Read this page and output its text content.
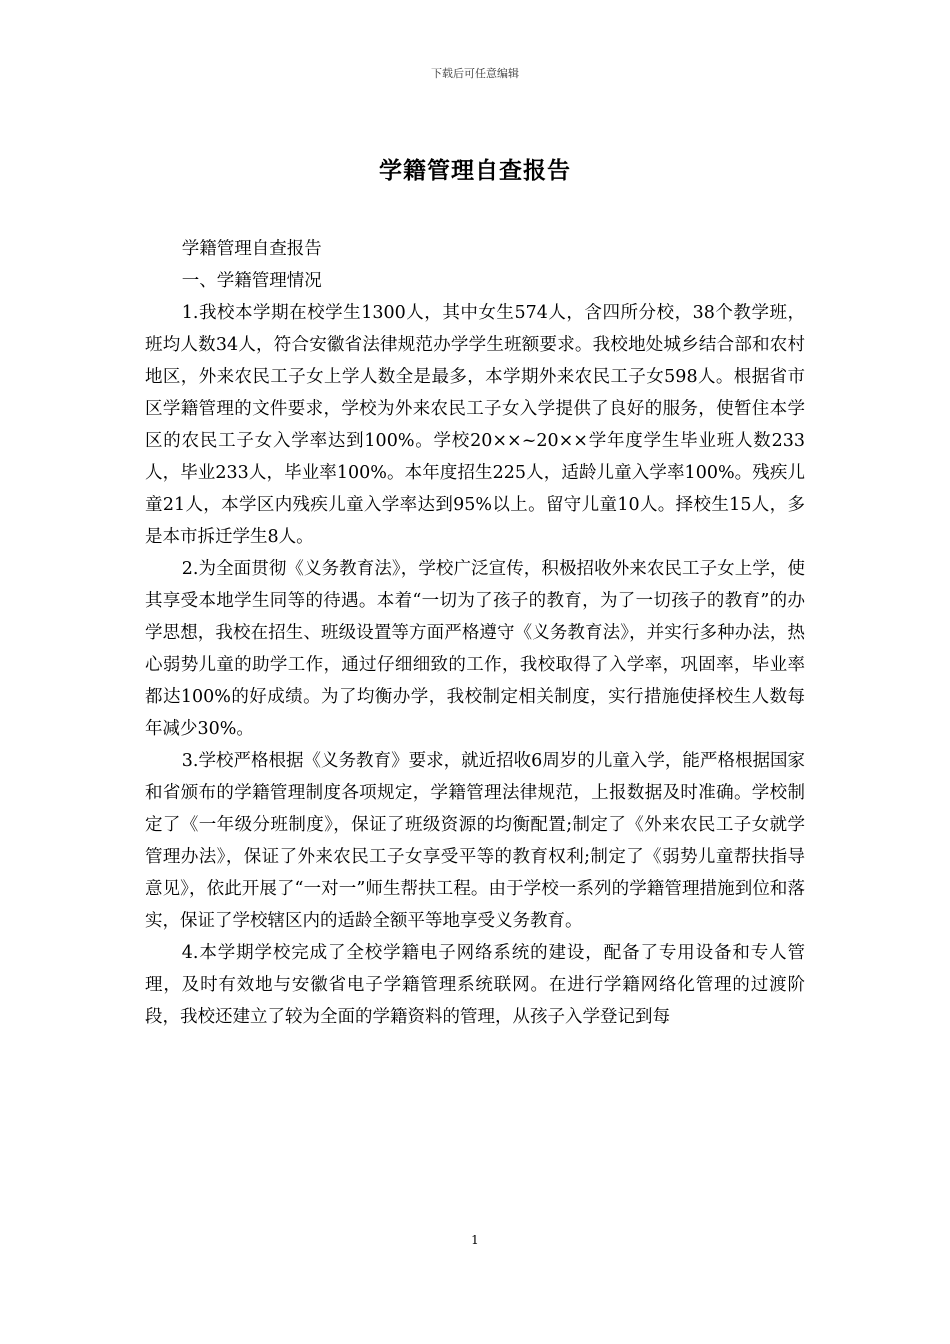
下载后可任意编辑
学籍管理自查报告

学籍管理自查报告

一、学籍管理情况

1.我校本学期在校学生1300人，其中女生574人，含四所分校，38个教学班，班均人数34人，符合安徽省法律规范办学学生班额要求。我校地处城乡结合部和农村地区，外来农民工子女上学人数全是最多，本学期外来农民工子女598人。根据省市区学籍管理的文件要求，学校为外来农民工子女入学提供了良好的服务，使暂住本学区的农民工子女入学率达到100%。学校20××~20××学年度学生毕业班人数233人，毕业233人，毕业率100%。本年度招生225人，适龄儿童入学率100%。残疾儿童21人，本学区内残疾儿童入学率达到95%以上。留守儿童10人。择校生15人，多是本市拆迁学生8人。

2.为全面贯彻《义务教育法》，学校广泛宣传，积极招收外来农民工子女上学，使其享受本地学生同等的待遇。本着“一切为了孩子的教育，为了一切孩子的教育”的办学思想，我校在招生、班级设置等方面严格遵守《义务教育法》，并实行多种办法，热心弱势儿童的助学工作，通过仔细细致的工作，我校取得了入学率，巩固率，毕业率都达100%的好成绩。为了均衡办学，我校制定相关制度，实行措施使择校生人数每年减少30%。

3.学校严格根据《义务教育》要求，就近招收6周岁的儿童入学，能严格根据国家和省颁布的学籍管理制度各项规定，学籍管理法律规范，上报数据及时准确。学校制定了《一年级分班制度》，保证了班级资源的均衡配置;制定了《外来农民工子女就学管理办法》，保证了外来农民工子女享受平等的教育权利;制定了《弱势儿童帮扶指导意见》，依此开展了“一对一”师生帮扶工程。由于学校一系列的学籍管理措施到位和落实，保证了学校辖区内的适龄全额平等地享受义务教育。

4.本学期学校完成了全校学籍电子网络系统的建设，配备了专用设备和专人管理，及时有效地与安徽省电子学籍管理系统联网。在进行学籍网络化管理的过渡阶段，我校还建立了较为全面的学籍资料的管理，从孩子入学登记到每

1
